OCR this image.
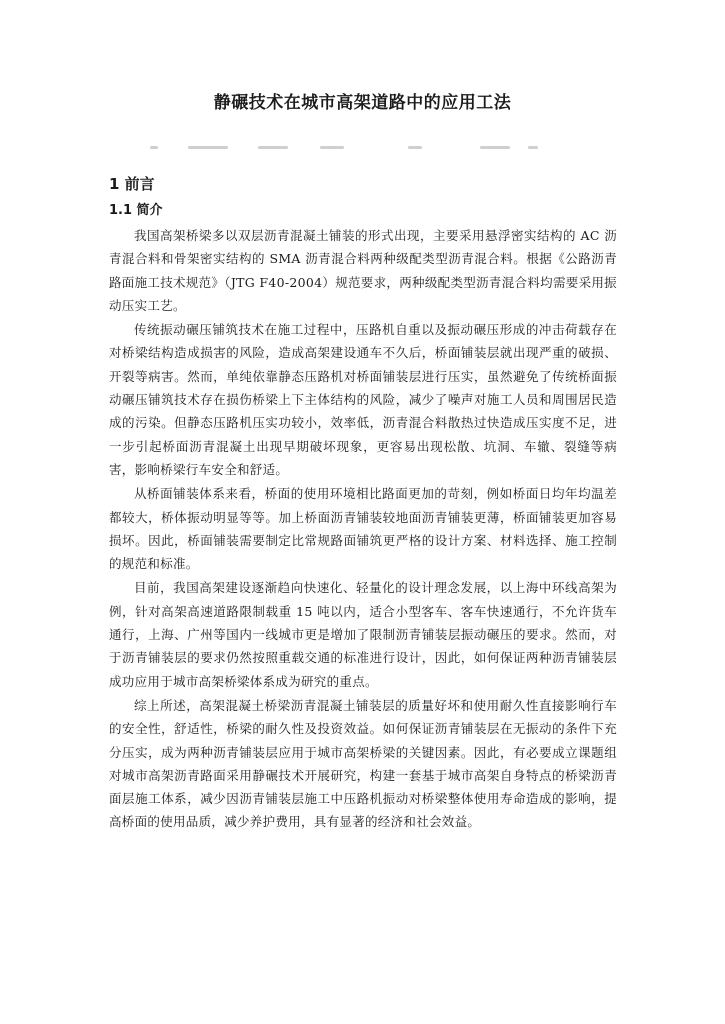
静碾技术在城市高架道路中的应用工法
1 前言
1.1 简介

我国高架桥梁多以双层沥青混凝土铺装的形式出现，主要采用悬浮密实结构的 AC 沥青混合料和骨架密实结构的 SMA 沥青混合料两种级配类型沥青混合料。根据《公路沥青路面施工技术规范》（JTG F40-2004）规范要求，两种级配类型沥青混合料均需要采用振动压实工艺。

传统振动碾压铺筑技术在施工过程中，压路机自重以及振动碾压形成的冲击荷载存在对桥梁结构造成损害的风险，造成高架建设通车不久后，桥面铺装层就出现严重的破损、开裂等病害。然而，单纯依靠静态压路机对桥面铺装层进行压实，虽然避免了传统桥面振动碾压铺筑技术存在损伤桥梁上下主体结构的风险，减少了噪声对施工人员和周围居民造成的污染。但静态压路机压实功较小，效率低，沥青混合料散热过快造成压实度不足，进一步引起桥面沥青混凝土出现早期破坏现象，更容易出现松散、坑洞、车辙、裂缝等病害，影响桥梁行车安全和舒适。

从桥面铺装体系来看，桥面的使用环境相比路面更加的苛刻，例如桥面日均年均温差都较大，桥体振动明显等等。加上桥面沥青铺装较地面沥青铺装更薄，桥面铺装更加容易损坏。因此，桥面铺装需要制定比常规路面铺筑更严格的设计方案、材料选择、施工控制的规范和标准。

目前，我国高架建设逐渐趋向快速化、轻量化的设计理念发展，以上海中环线高架为例，针对高架高速道路限制载重 15 吨以内，适合小型客车、客车快速通行，不允许货车通行，上海、广州等国内一线城市更是增加了限制沥青铺装层振动碾压的要求。然而，对于沥青铺装层的要求仍然按照重载交通的标准进行设计，因此，如何保证两种沥青铺装层成功应用于城市高架桥梁体系成为研究的重点。

综上所述，高架混凝土桥梁沥青混凝土铺装层的质量好坏和使用耐久性直接影响行车的安全性，舒适性，桥梁的耐久性及投资效益。如何保证沥青铺装层在无振动的条件下充分压实，成为两种沥青铺装层应用于城市高架桥梁的关键因素。因此，有必要成立课题组对城市高架沥青路面采用静碾技术开展研究，构建一套基于城市高架自身特点的桥梁沥青面层施工体系，减少因沥青铺装层施工中压路机振动对桥梁整体使用寿命造成的影响，提高桥面的使用品质，减少养护费用，具有显著的经济和社会效益。
